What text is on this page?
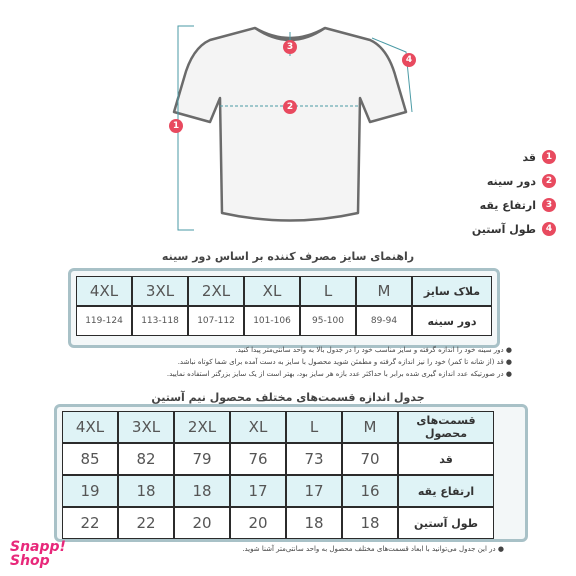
1
2
3
4
1
قد
2
دور سینه
3
ارتفاع یقه
4
طول آستین
راهنمای سایز مصرف کننده بر اساس دور سینه
4XL	3XL	2XL	XL	L	M	ملاک سایز
119-124	113-118	107-112	101-106	95-100	89-94	دور سینه
● دور سینه خود را اندازه گرفته و سایز مناسب خود را در جدول بالا به واحد سانتی‌متر پیدا کنید.
● قد (از شانه تا کمر) خود را نیز اندازه گرفته و مطمئن شوید محصول با سایز به دست آمده برای شما کوتاه نباشد.
● در صورتیکه عدد اندازه گیری شده برابر با حداکثر عدد بازه هر سایز بود، بهتر است از یک سایز بزرگتر استفاده نمایید.
جدول اندازه قسمت‌های مختلف محصول نیم آستین
4XL	3XL	2XL	XL	L	M	قسمت‌های محصول
85	82	79	76	73	70	قد
19	18	18	17	17	16	ارتفاع یقه
22	22	20	20	18	18	طول آستین
● در این جدول می‌توانید با ابعاد قسمت‌های مختلف محصول به واحد سانتی‌متر آشنا شوید.
Snapp!
Shop
